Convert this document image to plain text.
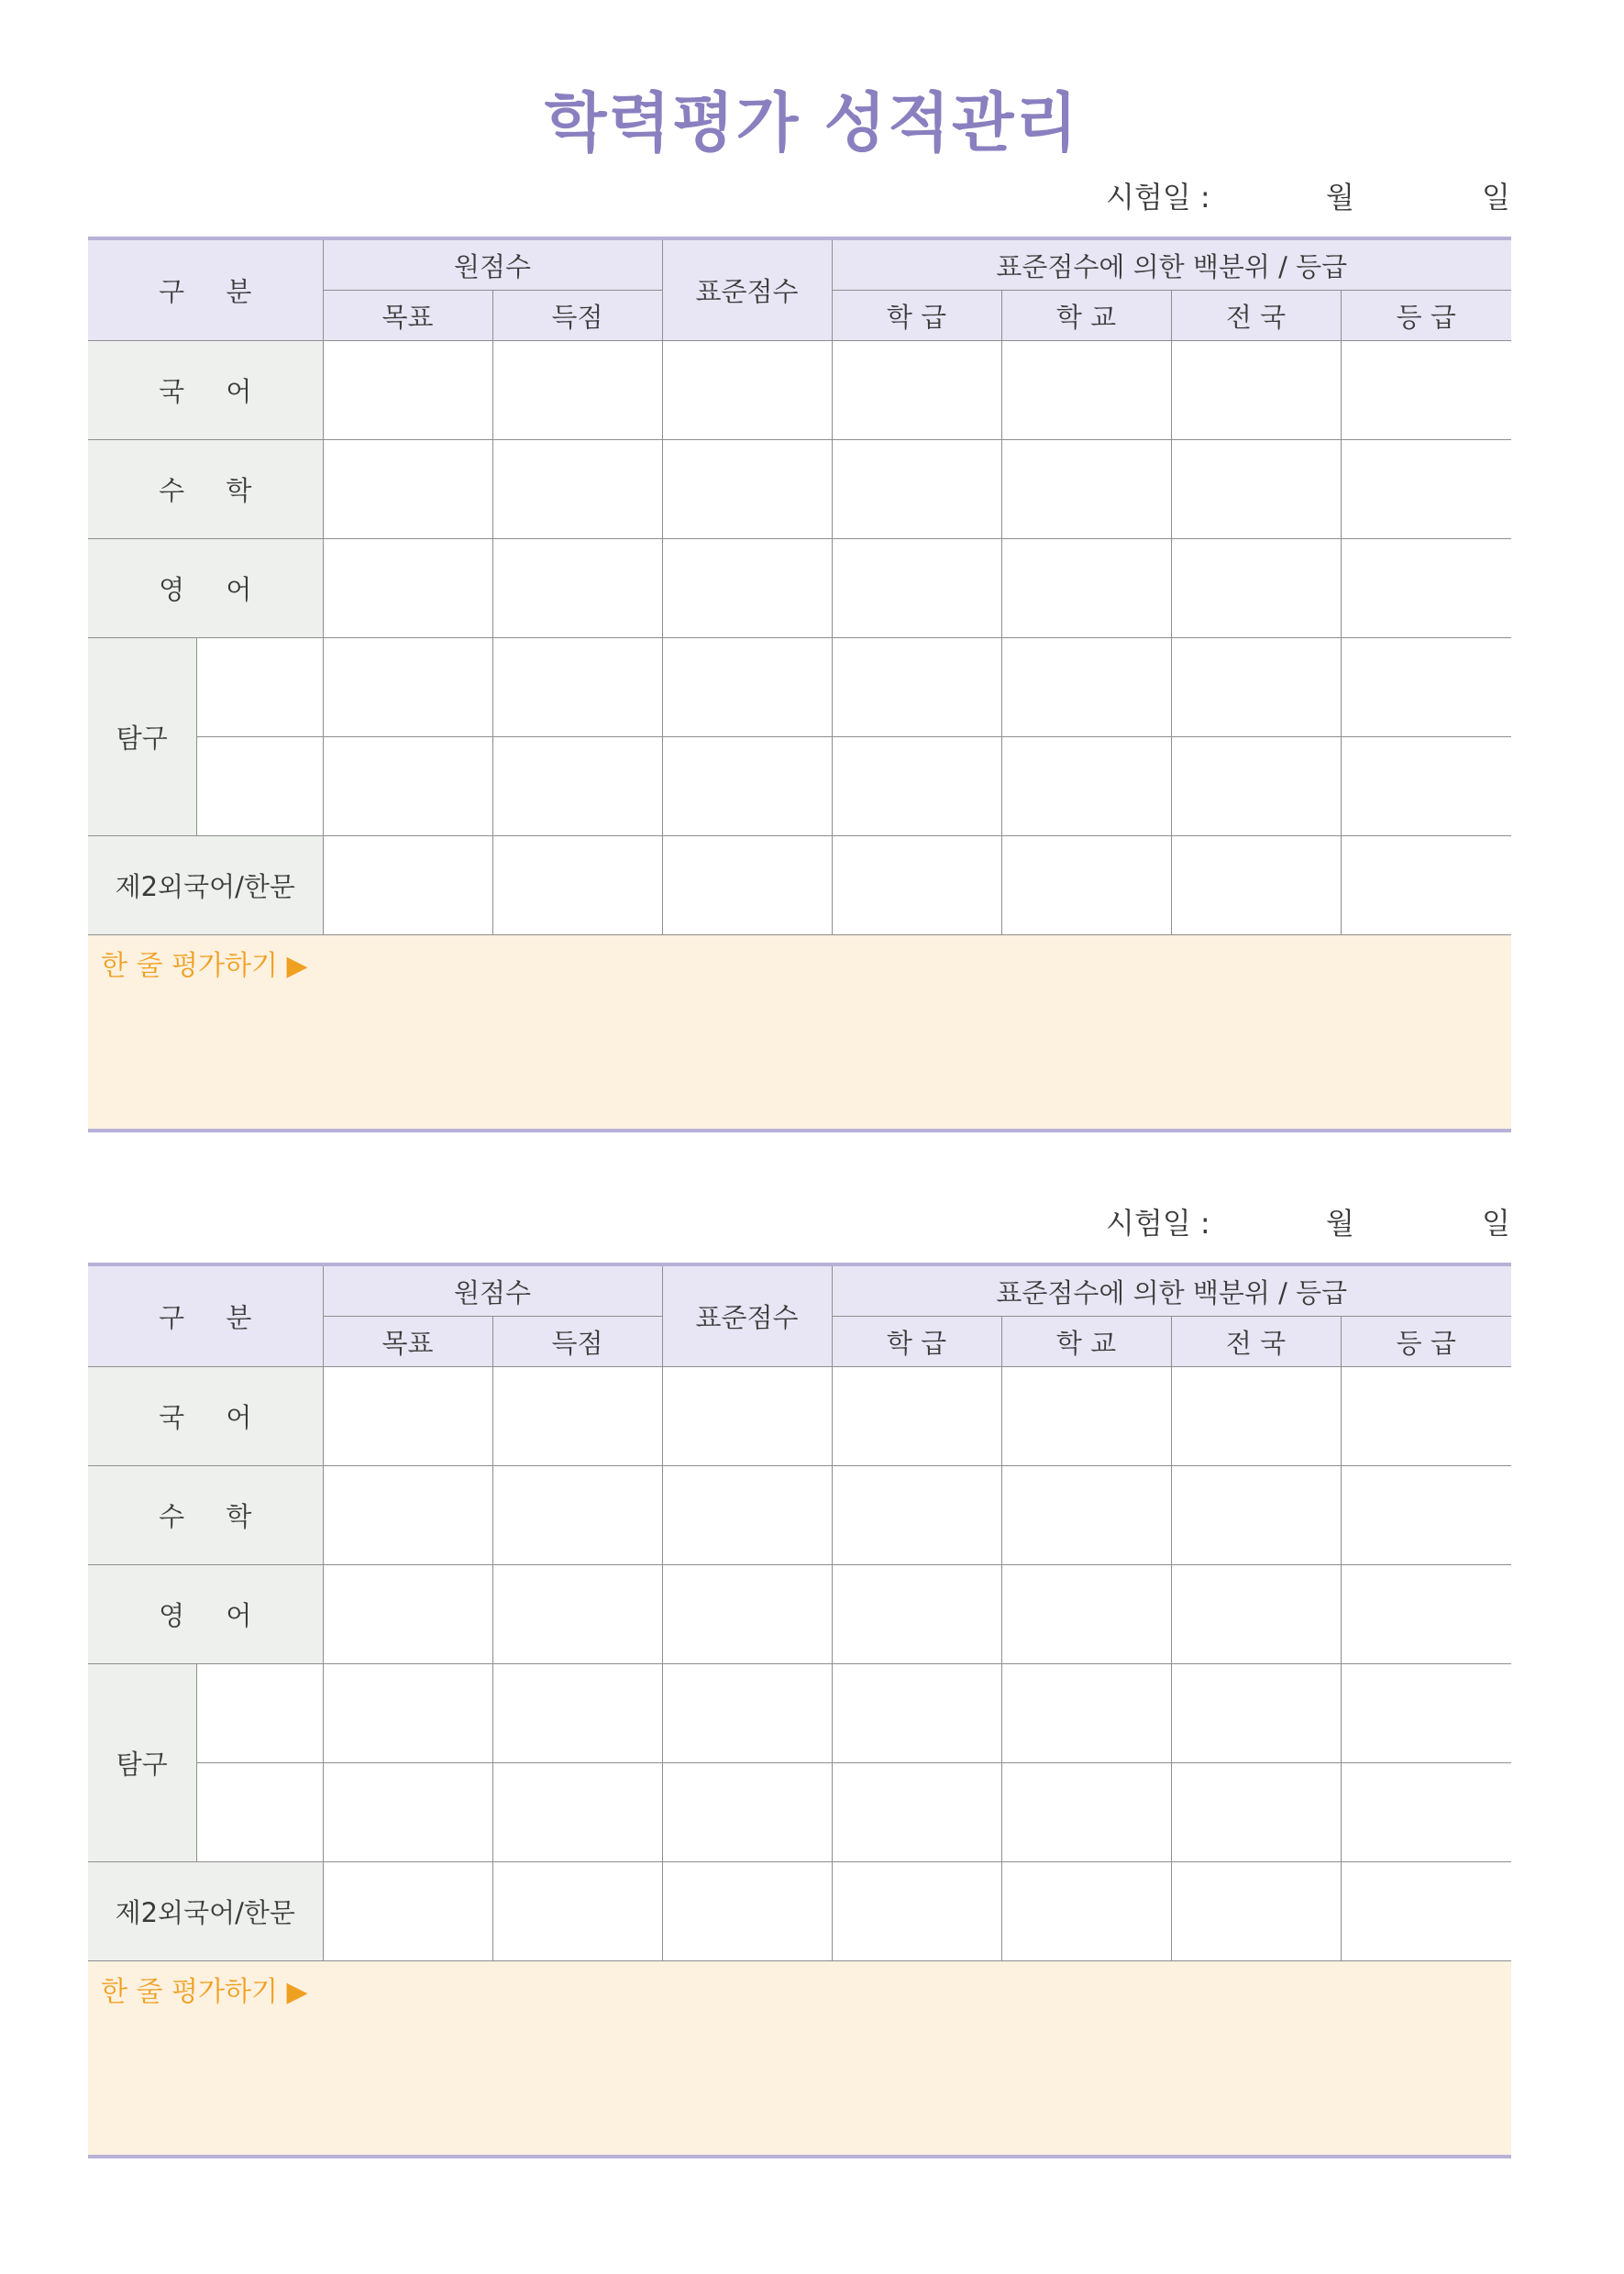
학력평가 성적관리
시험일 :	월	일
구 분		원점수		표준점수	표준점수에 의한 백분위 / 등급			
		목표	득점		학 급	학 교	전 국	등 급
국 어								
수 학								
영 어								
탐구								

제2외국어/한문								
한 줄 평가하기 ▶
시험일 :	월	일
구 분		원점수		표준점수	표준점수에 의한 백분위 / 등급			
		목표	득점		학 급	학 교	전 국	등 급
국 어								
수 학								
영 어								
탐구								

제2외국어/한문								
한 줄 평가하기 ▶
